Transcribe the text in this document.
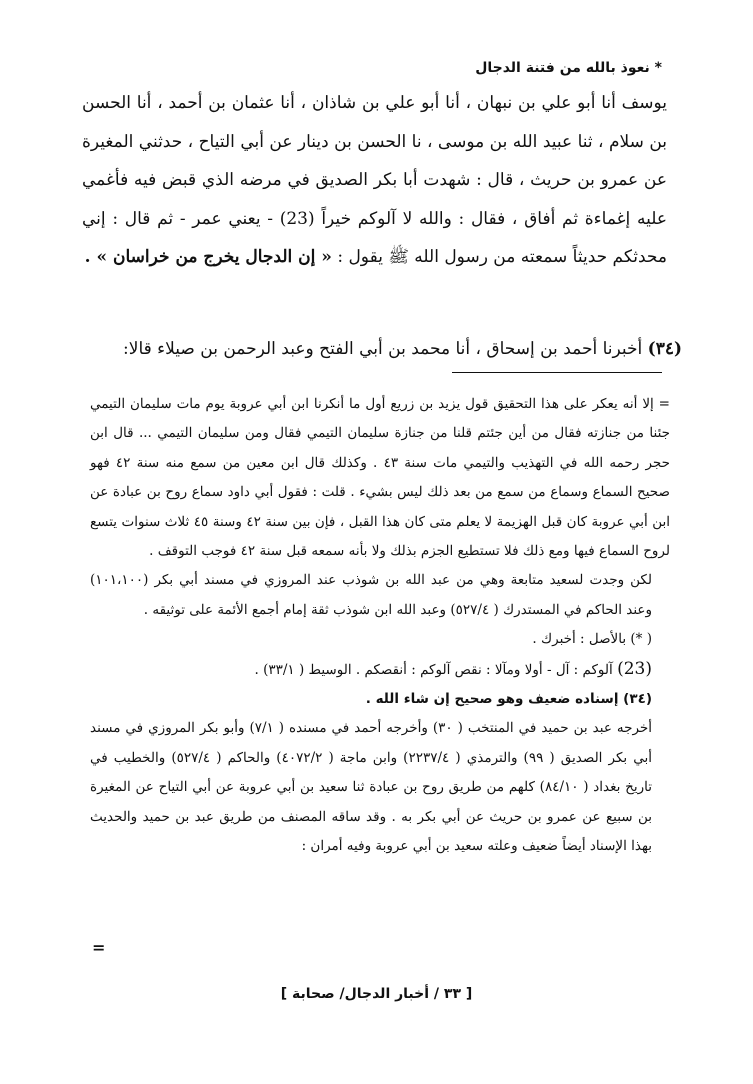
* نعوذ بالله من فتنة الدجال

يوسف أنا أبو علي بن نبهان ، أنا أبو علي بن شاذان ، أنا عثمان بن أحمد ، أنا الحسن بن سلام ، ثنا عبيد الله بن موسى ، نا الحسن بن دينار عن أبي التياح ، حدثني المغيرة عن عمرو بن حريث ، قال : شهدت أبا بكر الصديق في مرضه الذي قبض فيه فأغمي عليه إغماءة ثم أفاق ، فقال : والله لا آلوكم خيراً (23) - يعني عمر - ثم قال : إني محدثكم حديثاً سمعته من رسول الله ﷺ يقول : « إن الدجال يخرج من خراسان » .

(٣٤) أخبرنا أحمد بن إسحاق ، أنا محمد بن أبي الفتح وعبد الرحمن بن صيلاء قالا:

= إلا أنه يعكر على هذا التحقيق قول يزيد بن زريع أول ما أنكرنا ابن أبي عروبة يوم مات سليمان التيمي جئنا من جنازته فقال من أين جئتم قلنا من جنازة سليمان التيمي فقال ومن سليمان التيمي ... قال ابن حجر رحمه الله في التهذيب والتيمي مات سنة ٤٣ . وكذلك قال ابن معين من سمع منه سنة ٤٢ فهو صحيح السماع وسماع من سمع من بعد ذلك ليس بشيء . قلت : فقول أبي داود سماع روح بن عبادة عن ابن أبي عروبة كان قبل الهزيمة لا يعلم متى كان هذا القبل ، فإن بين سنة ٤٢ وسنة ٤٥ ثلاث سنوات يتسع لروح السماع فيها ومع ذلك فلا تستطيع الجزم بذلك ولا بأنه سمعه قبل سنة ٤٢ فوجب التوقف .

لكن وجدت لسعيد متابعة وهي من عبد الله بن شوذب عند المروزي في مسند أبي بكر (١٠١،١٠٠) وعند الحاكم في المستدرك ( ٥٢٧/٤) وعبد الله ابن شوذب ثقة إمام أجمع الأئمة على توثيقه .

( *) بالأصل : أخبرك .

(23) آلوكم : آل - أولا ومآلا : نقص آلوكم : أنقصكم . الوسيط ( ٣٣/١) .

(٣٤) إسناده ضعيف وهو صحيح إن شاء الله .

أخرجه عبد بن حميد في المنتخب ( ٣٠) وأخرجه أحمد في مسنده ( ٧/١) وأبو بكر المروزي في مسند أبي بكر الصديق ( ٩٩) والترمذي ( ٢٢٣٧/٤) وابن ماجة ( ٤٠٧٢/٢) والحاكم ( ٥٢٧/٤) والخطيب في تاريخ بغداد ( ٨٤/١٠) كلهم من طريق روح بن عبادة ثنا سعيد بن أبي عروبة عن أبي التياح عن المغيرة بن سبيع عن عمرو بن حريث عن أبي بكر به . وقد ساقه المصنف من طريق عبد بن حميد والحديث بهذا الإسناد أيضاً ضعيف وعلته سعيد بن أبي عروبة وفيه أمران :

=
[ ٣٣ / أخبار الدجال/ صحابة ]
